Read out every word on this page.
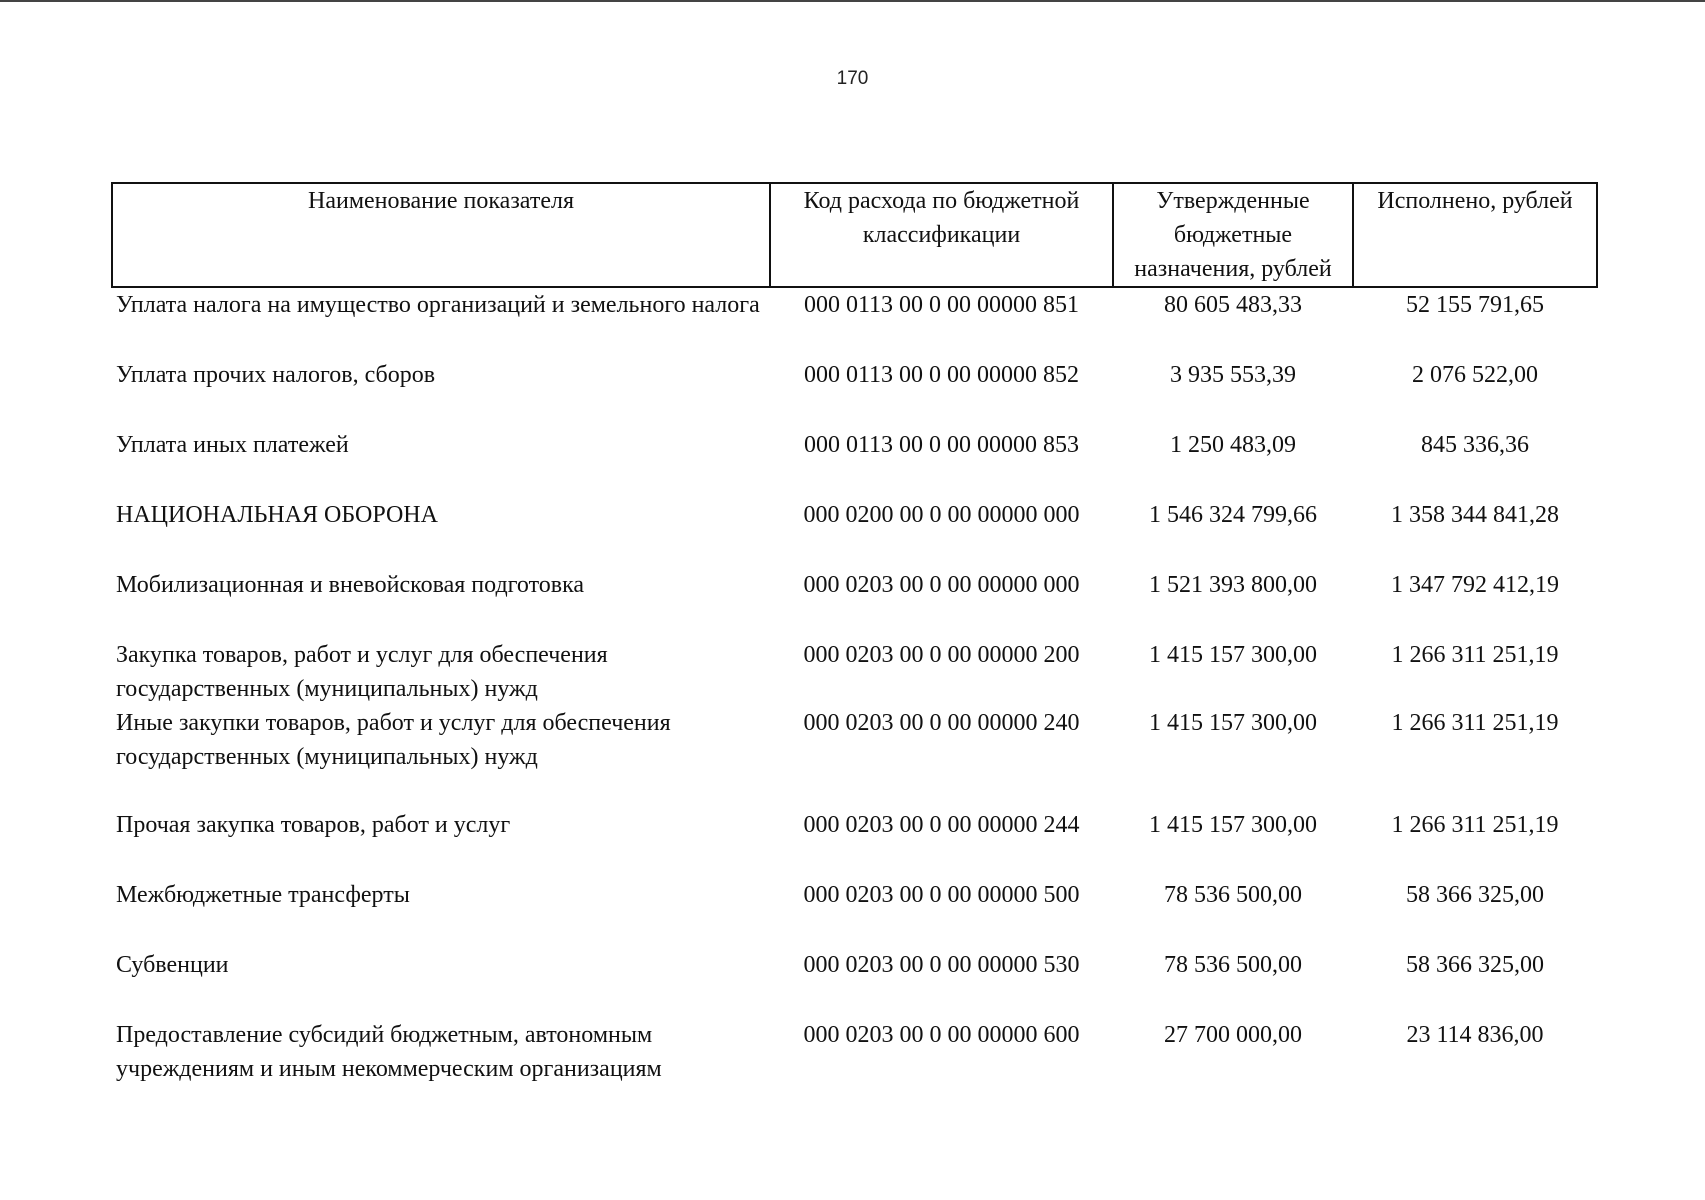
170
Наименование показателя	Код расхода по бюджетной классификации	Утвержденные бюджетные назначения, рублей	Исполнено, рублей
Уплата налога на имущество организаций и земельного налога	000 0113 00 0 00 00000 851	80 605 483,33	52 155 791,65
Уплата прочих налогов, сборов	000 0113 00 0 00 00000 852	3 935 553,39	2 076 522,00
Уплата иных платежей	000 0113 00 0 00 00000 853	1 250 483,09	845 336,36
НАЦИОНАЛЬНАЯ ОБОРОНА	000 0200 00 0 00 00000 000	1 546 324 799,66	1 358 344 841,28
Мобилизационная и вневойсковая подготовка	000 0203 00 0 00 00000 000	1 521 393 800,00	1 347 792 412,19
Закупка товаров, работ и услуг для обеспечения государственных (муниципальных) нужд	000 0203 00 0 00 00000 200	1 415 157 300,00	1 266 311 251,19
Иные закупки товаров, работ и услуг для обеспечения государственных (муниципальных) нужд	000 0203 00 0 00 00000 240	1 415 157 300,00	1 266 311 251,19
Прочая закупка товаров, работ и услуг	000 0203 00 0 00 00000 244	1 415 157 300,00	1 266 311 251,19
Межбюджетные трансферты	000 0203 00 0 00 00000 500	78 536 500,00	58 366 325,00
Субвенции	000 0203 00 0 00 00000 530	78 536 500,00	58 366 325,00
Предоставление субсидий бюджетным, автономным учреждениям и иным некоммерческим организациям	000 0203 00 0 00 00000 600	27 700 000,00	23 114 836,00
